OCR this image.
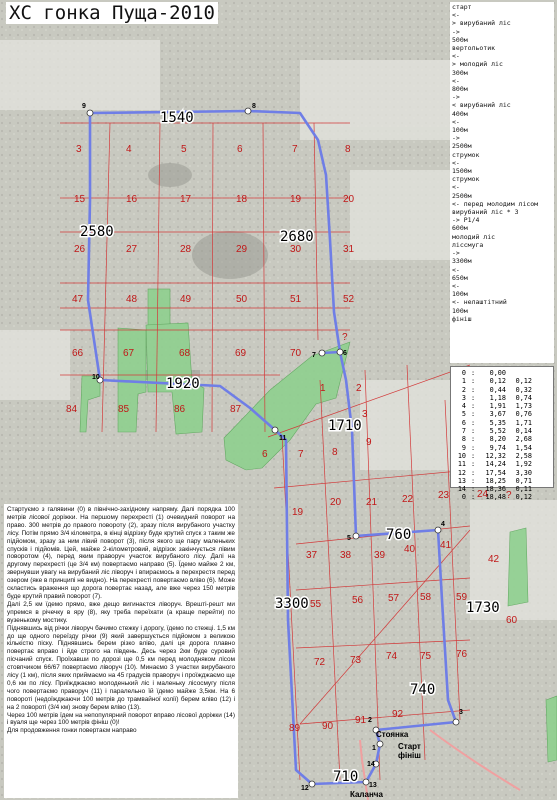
3	4	5	6	7	8
15	16	17	18	19	20
26	27	28	29	30	31
47	48	49	50	51	52
66	67	68	69	70
84	85	86	87
1	2
3
6	7	8
9
19
20 21 22 23	24
37 38 39
40 41
42
55	56 57 58 59
60
72 73 74 75 76
89 90
91
92
1540
2580	2680
1920
1710
760
3300	1730
740
710
9	8
7	6
10
11
5
4
3
2
1
14
13
12
Стоянка
Старт
фініш
Каланча
?
?
ХС гонка Пуща-2010	старт
<-
> вирубаний ліс
->
500м
вертольотик
<-
> молодий ліс
300м
<-
800м
->
< вирубаний ліс
400м
<-
100м
->
2500м
струмок
<-
1500м
струмок
<-
2500м
<- перед молодим лісом
вирубаний ліс * 3
-> P1/4
600м
молодий ліс
ліссмуга
->
3300м
<-
650м
<-
100м
<- нелаштітний
100м
фініш
0 :	0,00
1 :	0,12	0,12
2 :	0,44	0,32
3 :	1,18	0,74
4 :	1,91	1,73
5 :	3,67	0,76
6 :	5,35	1,71
7 :	5,52	0,14
8 :	8,20	2,68
9 :	9,74	1,54
10 :	12,32	2,58
11 :	14,24	1,92
12 :	17,54	3,30
13 :	18,25	0,71
14 :	18,36	0,11
0 :	18,48	0,12
Стартуємо з галявини (0) в північно-західному напряму. Далі порядка 100 метрів лісової доріжки. На першому перехресті (1) очевидний поворот на право. 300 метрів до правого повороту (2), зразу після вирубаного участку лісу. Потім прямо 3/4 кілометра, в кінці відрізку буде крутий спуск з таким же підйомом, зразу за ним лівий поворот (3), після якого ще пару маленьких спусків і підйомів. Цей, майже 2-кілометровий, відрізок закінчується лівим поворотом (4), перед яким праворуч участок вирубаного лісу. Далі на другому перехресті (це 3/4 км) повертаємо направо (5). Їдемо майже 2 км, звернувши увагу на вирубаний ліс ліворуч і впираємось в перехрестя перед озером (яке в принципі не видно). На перехресті повертаємо вліво (6). Може скластись враження що дорога повертає назад, але вже через 150 метрів буде крутий правий поворот (7).
Далі 2,5 км їдемо прямо, вже дещо вигинаєтся ліворуч. Врешті-решт ми упремся в річечку в яру (8), яку треба переїхати (а краще перейти) по вузенькому мостику.
Піднявшись від річки ліворуч бачимо стежку і дорогу, їдемо по стежці. 1,5 км до ще одного переїзду річки (9) який завершується підйомом з великою кількістю піску. Піднявшись берем різко вліво, далі ця дорога плавно повертає вправо і йде строго на південь. Десь через 2км буде суровий пісчаний спуск. Проїхавши по дорозі ще 0,5 км перед молодняком лісом стовпчиком 66/67 повертаємо ліворуч (10). Минаємо 3 участки вирубаного лісу (1 км), після яких приймаємо на 45 градусів праворуч і проїжджаємо ще 0,6 км по лісу. Приїжджаємо молоденький ліс і маленьку лісосмугу після чого повертаємо праворуч (11) і паралельно їй їдемо майже 3,5км. На 6 повороті (недоїжджаючи 100 метрів до трамвайної колії) берем вліво (12) і на 2 повороті (3/4 км) знову берем вліво (13).
Через 100 метрів їдем на непопулярний поворот вправо лісової доріжки (14) і вуаля ще через 100 метрів фініш (0)!
Для продовження гонки повертаєм направо
